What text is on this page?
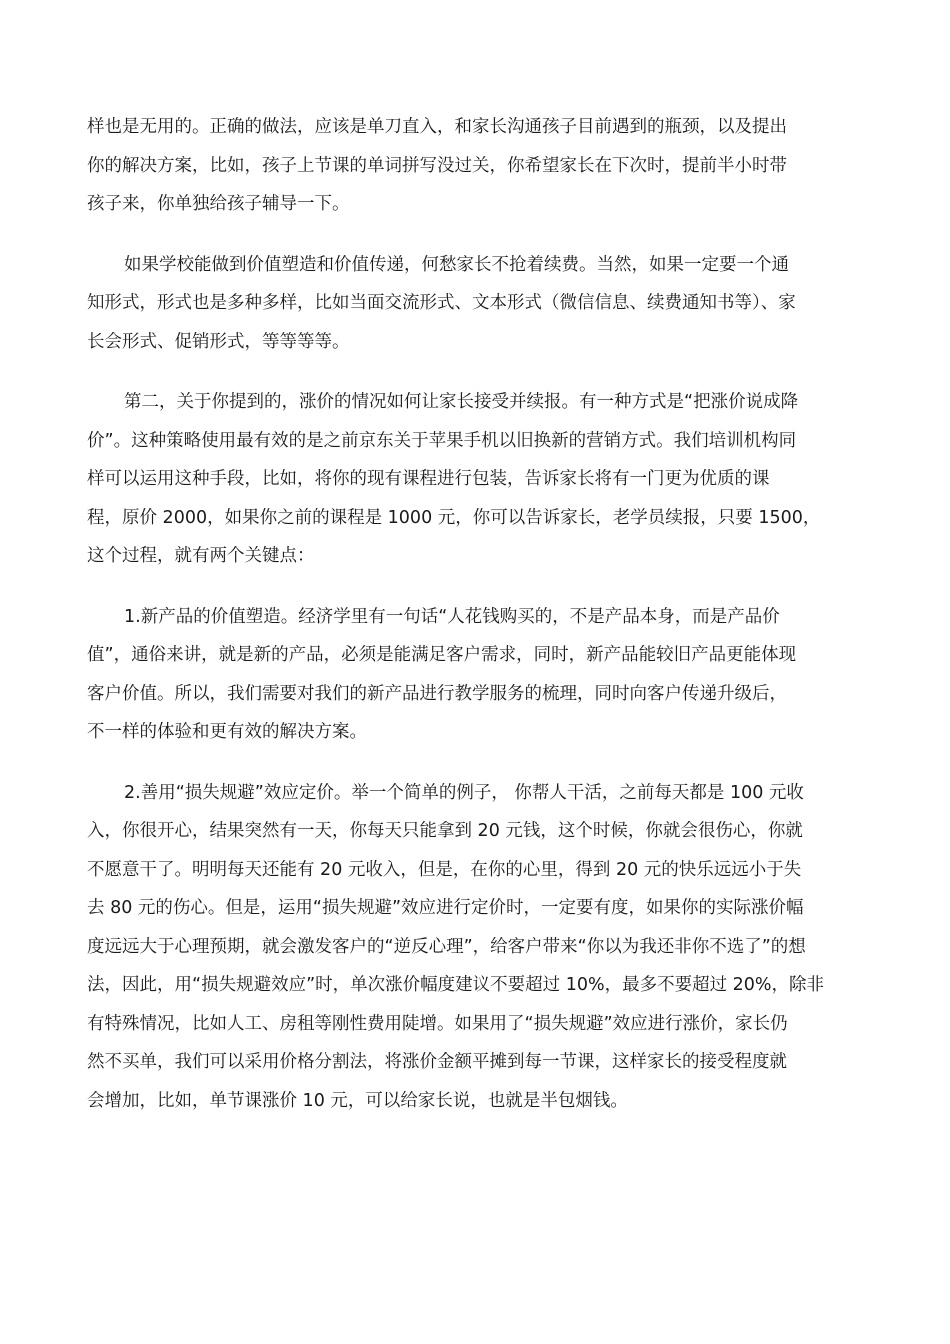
样也是无用的。正确的做法，应该是单刀直入，和家长沟通孩子目前遇到的瓶颈，以及提出
你的解决方案，比如，孩子上节课的单词拼写没过关，你希望家长在下次时，提前半小时带
孩子来，你单独给孩子辅导一下。

如果学校能做到价值塑造和价值传递，何愁家长不抢着续费。当然，如果一定要一个通
知形式，形式也是多种多样，比如当面交流形式、文本形式（微信信息、续费通知书等）、家
长会形式、促销形式，等等等等。

第二，关于你提到的，涨价的情况如何让家长接受并续报。有一种方式是“把涨价说成降
价”。这种策略使用最有效的是之前京东关于苹果手机以旧换新的营销方式。我们培训机构同
样可以运用这种手段，比如，将你的现有课程进行包装，告诉家长将有一门更为优质的课
程，原价 2000，如果你之前的课程是 1000 元，你可以告诉家长，老学员续报，只要 1500，
这个过程，就有两个关键点：

1.新产品的价值塑造。经济学里有一句话“人花钱购买的，不是产品本身，而是产品价
值”，通俗来讲，就是新的产品，必须是能满足客户需求，同时，新产品能较旧产品更能体现
客户价值。所以，我们需要对我们的新产品进行教学服务的梳理，同时向客户传递升级后，
不一样的体验和更有效的解决方案。

2.善用“损失规避”效应定价。举一个简单的例子， 你帮人干活，之前每天都是 100 元收
入，你很开心，结果突然有一天，你每天只能拿到 20 元钱，这个时候，你就会很伤心，你就
不愿意干了。明明每天还能有 20 元收入，但是，在你的心里，得到 20 元的快乐远远小于失
去 80 元的伤心。但是，运用“损失规避”效应进行定价时，一定要有度，如果你的实际涨价幅
度远远大于心理预期，就会激发客户的“逆反心理”，给客户带来“你以为我还非你不选了”的想
法，因此，用“损失规避效应”时，单次涨价幅度建议不要超过 10%，最多不要超过 20%，除非
有特殊情况，比如人工、房租等刚性费用陡增。如果用了“损失规避”效应进行涨价，家长仍
然不买单，我们可以采用价格分割法，将涨价金额平摊到每一节课，这样家长的接受程度就
会增加，比如，单节课涨价 10 元，可以给家长说，也就是半包烟钱。
